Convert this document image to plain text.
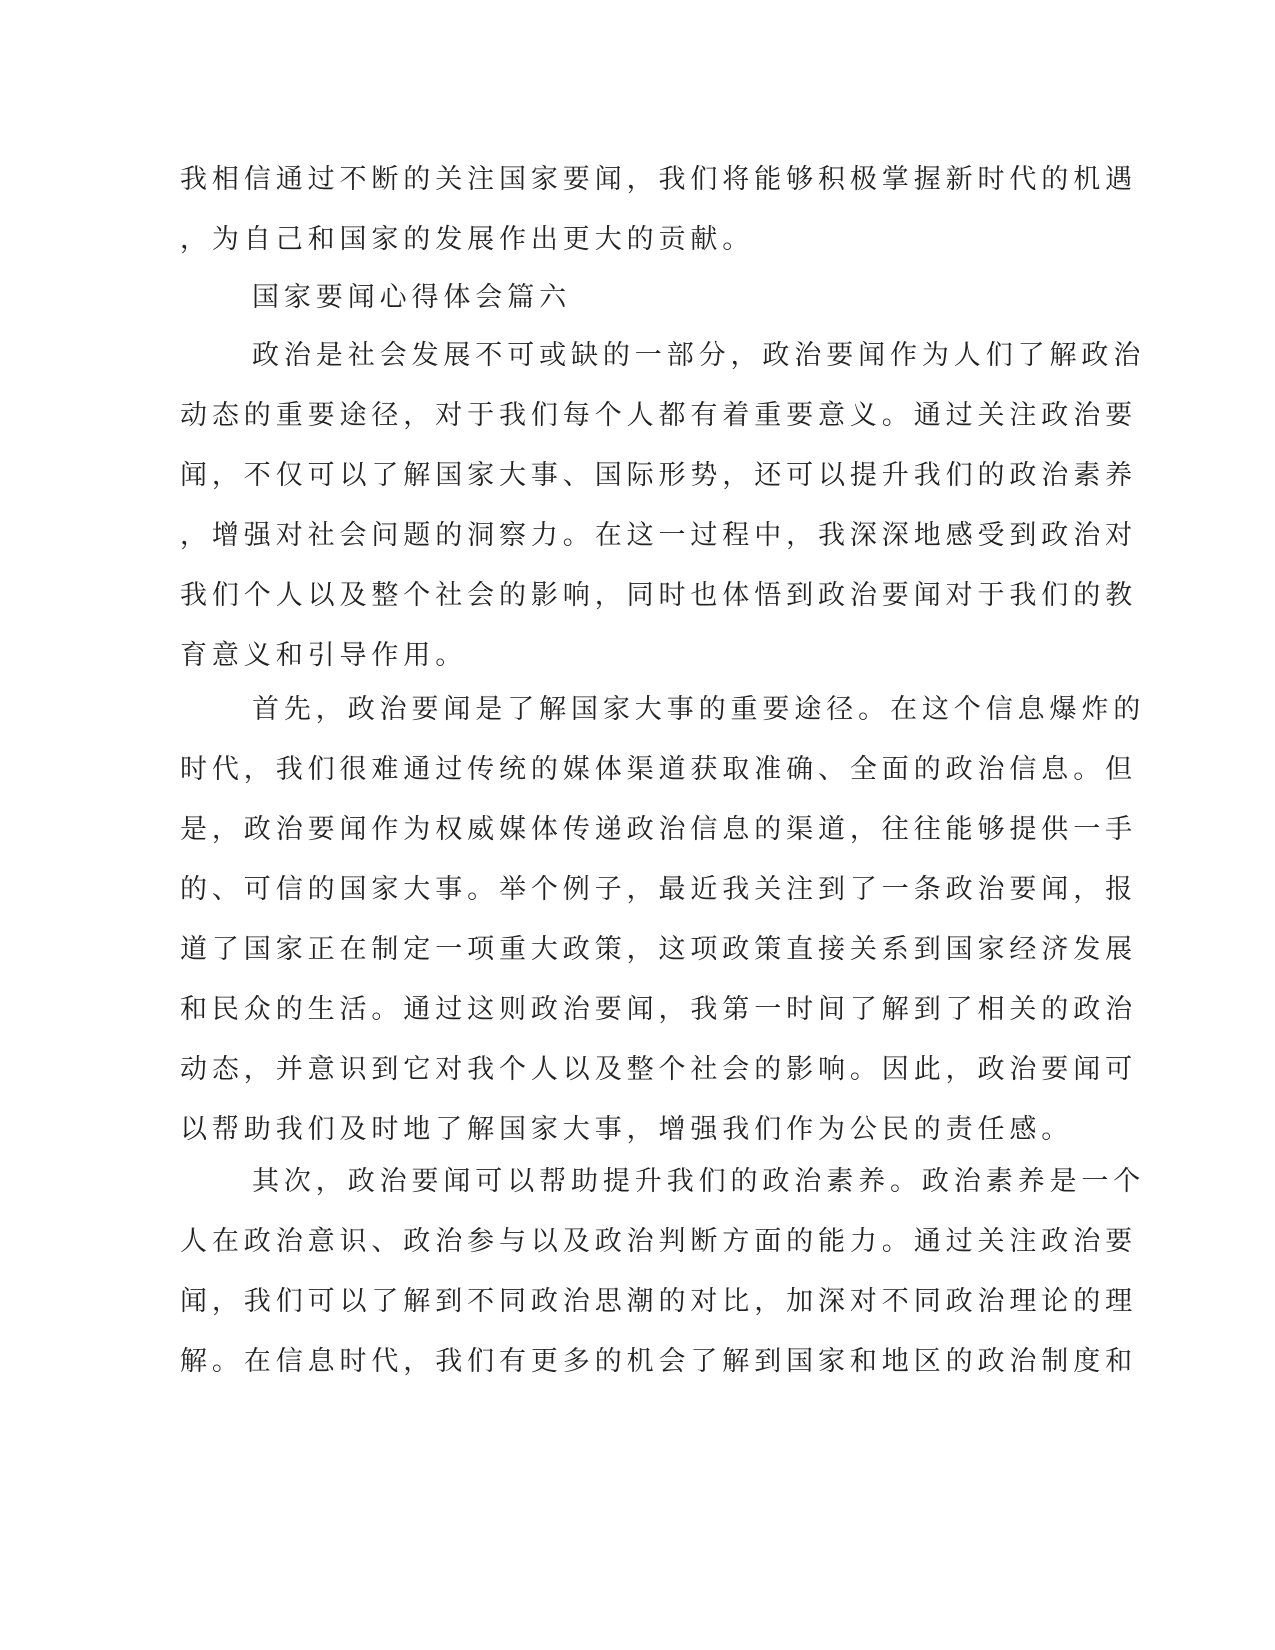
我相信通过不断的关注国家要闻，我们将能够积极掌握新时代的机遇
，为自己和国家的发展作出更大的贡献。
国家要闻心得体会篇六
政治是社会发展不可或缺的一部分，政治要闻作为人们了解政治
动态的重要途径，对于我们每个人都有着重要意义。通过关注政治要
闻，不仅可以了解国家大事、国际形势，还可以提升我们的政治素养
，增强对社会问题的洞察力。在这一过程中，我深深地感受到政治对
我们个人以及整个社会的影响，同时也体悟到政治要闻对于我们的教
育意义和引导作用。
首先，政治要闻是了解国家大事的重要途径。在这个信息爆炸的
时代，我们很难通过传统的媒体渠道获取准确、全面的政治信息。但
是，政治要闻作为权威媒体传递政治信息的渠道，往往能够提供一手
的、可信的国家大事。举个例子，最近我关注到了一条政治要闻，报
道了国家正在制定一项重大政策，这项政策直接关系到国家经济发展
和民众的生活。通过这则政治要闻，我第一时间了解到了相关的政治
动态，并意识到它对我个人以及整个社会的影响。因此，政治要闻可
以帮助我们及时地了解国家大事，增强我们作为公民的责任感。
其次，政治要闻可以帮助提升我们的政治素养。政治素养是一个
人在政治意识、政治参与以及政治判断方面的能力。通过关注政治要
闻，我们可以了解到不同政治思潮的对比，加深对不同政治理论的理
解。在信息时代，我们有更多的机会了解到国家和地区的政治制度和
